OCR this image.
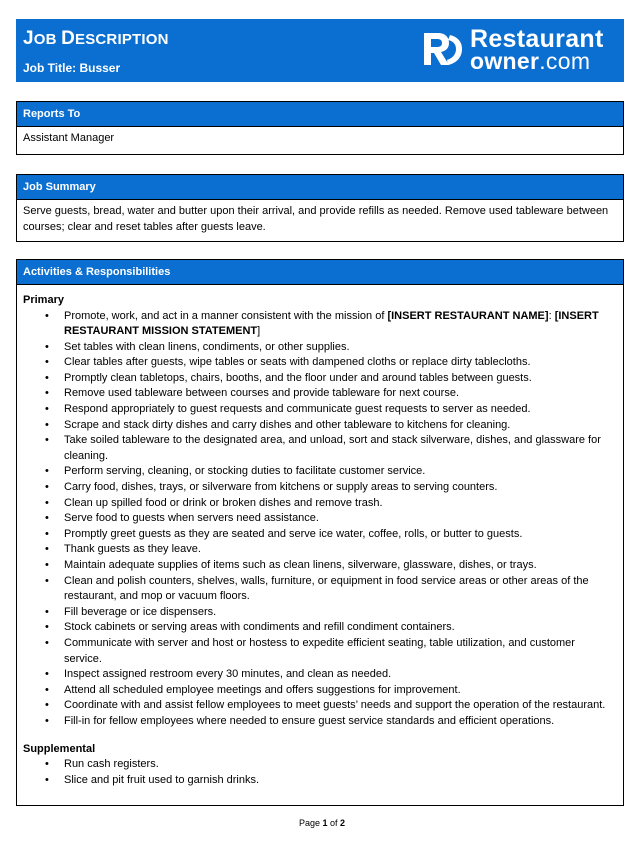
JOB DESCRIPTION
Job Title: Busser
Restaurant
owner.com
Reports To
Assistant Manager
Job Summary
Serve guests, bread, water and butter upon their arrival, and provide refills as needed. Remove used tableware between courses; clear and reset tables after guests leave.
Activities & Responsibilities
Primary
• Promote, work, and act in a manner consistent with the mission of [INSERT RESTAURANT NAME]: [INSERT RESTAURANT MISSION STATEMENT]
• Set tables with clean linens, condiments, or other supplies.
• Clear tables after guests, wipe tables or seats with dampened cloths or replace dirty tablecloths.
• Promptly clean tabletops, chairs, booths, and the floor under and around tables between guests.
• Remove used tableware between courses and provide tableware for next course.
• Respond appropriately to guest requests and communicate guest requests to server as needed.
• Scrape and stack dirty dishes and carry dishes and other tableware to kitchens for cleaning.
• Take soiled tableware to the designated area, and unload, sort and stack silverware, dishes, and glassware for cleaning.
• Perform serving, cleaning, or stocking duties to facilitate customer service.
• Carry food, dishes, trays, or silverware from kitchens or supply areas to serving counters.
• Clean up spilled food or drink or broken dishes and remove trash.
• Serve food to guests when servers need assistance.
• Promptly greet guests as they are seated and serve ice water, coffee, rolls, or butter to guests.
• Thank guests as they leave.
• Maintain adequate supplies of items such as clean linens, silverware, glassware, dishes, or trays.
• Clean and polish counters, shelves, walls, furniture, or equipment in food service areas or other areas of the restaurant, and mop or vacuum floors.
• Fill beverage or ice dispensers.
• Stock cabinets or serving areas with condiments and refill condiment containers.
• Communicate with server and host or hostess to expedite efficient seating, table utilization, and customer service.
• Inspect assigned restroom every 30 minutes, and clean as needed.
• Attend all scheduled employee meetings and offers suggestions for improvement.
• Coordinate with and assist fellow employees to meet guests’ needs and support the operation of the restaurant.
• Fill-in for fellow employees where needed to ensure guest service standards and efficient operations.
Supplemental
• Run cash registers.
• Slice and pit fruit used to garnish drinks.
Page 1 of 2
